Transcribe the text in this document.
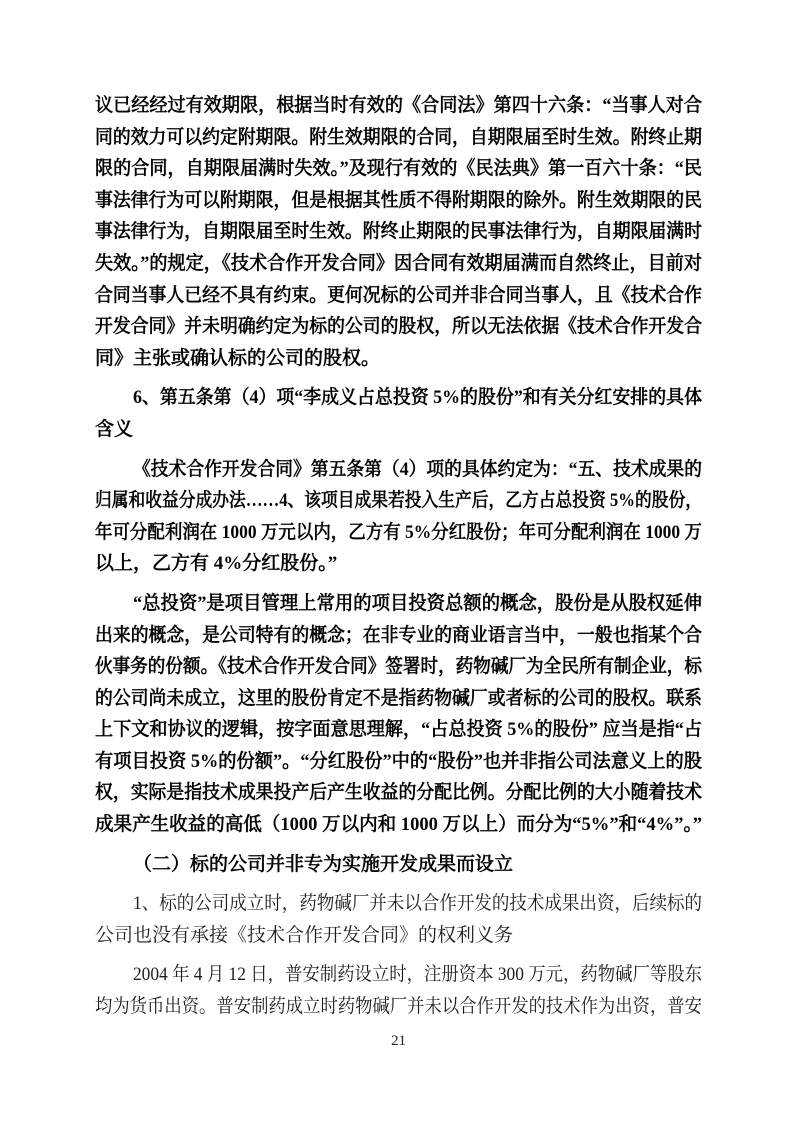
议已经经过有效期限，根据当时有效的《合同法》第四十六条：“当事人对合
同的效力可以约定附期限。附生效期限的合同，自期限届至时生效。附终止期
限的合同，自期限届满时失效。”及现行有效的《民法典》第一百六十条：“民
事法律行为可以附期限，但是根据其性质不得附期限的除外。附生效期限的民
事法律行为，自期限届至时生效。附终止期限的民事法律行为，自期限届满时
失效。”的规定，《技术合作开发合同》因合同有效期届满而自然终止，目前对
合同当事人已经不具有约束。更何况标的公司并非合同当事人，且《技术合作
开发合同》并未明确约定为标的公司的股权，所以无法依据《技术合作开发合
同》主张或确认标的公司的股权。
6、第五条第（4）项“李成义占总投资 5%的股份”和有关分红安排的具体
含义
《技术合作开发合同》第五条第（4）项的具体约定为：“五、技术成果的
归属和收益分成办法……4、该项目成果若投入生产后，乙方占总投资 5%的股份，
年可分配利润在 1000 万元以内，乙方有 5%分红股份；年可分配利润在 1000 万
以上，乙方有 4%分红股份。”
“总投资”是项目管理上常用的项目投资总额的概念，股份是从股权延伸
出来的概念，是公司特有的概念；在非专业的商业语言当中，一般也指某个合
伙事务的份额。《技术合作开发合同》签署时，药物碱厂为全民所有制企业，标
的公司尚未成立，这里的股份肯定不是指药物碱厂或者标的公司的股权。联系
上下文和协议的逻辑，按字面意思理解，“占总投资 5%的股份” 应当是指“占
有项目投资 5%的份额”。“分红股份”中的“股份”也并非指公司法意义上的股
权，实际是指技术成果投产后产生收益的分配比例。分配比例的大小随着技术
成果产生收益的高低（1000 万以内和 1000 万以上）而分为“5%”和“4%”。”
（二）标的公司并非专为实施开发成果而设立
1、标的公司成立时，药物碱厂并未以合作开发的技术成果出资，后续标的
公司也没有承接《技术合作开发合同》的权利义务
2004 年 4 月 12 日，普安制药设立时，注册资本 300 万元，药物碱厂等股东
均为货币出资。普安制药成立时药物碱厂并未以合作开发的技术作为出资，普安
21
